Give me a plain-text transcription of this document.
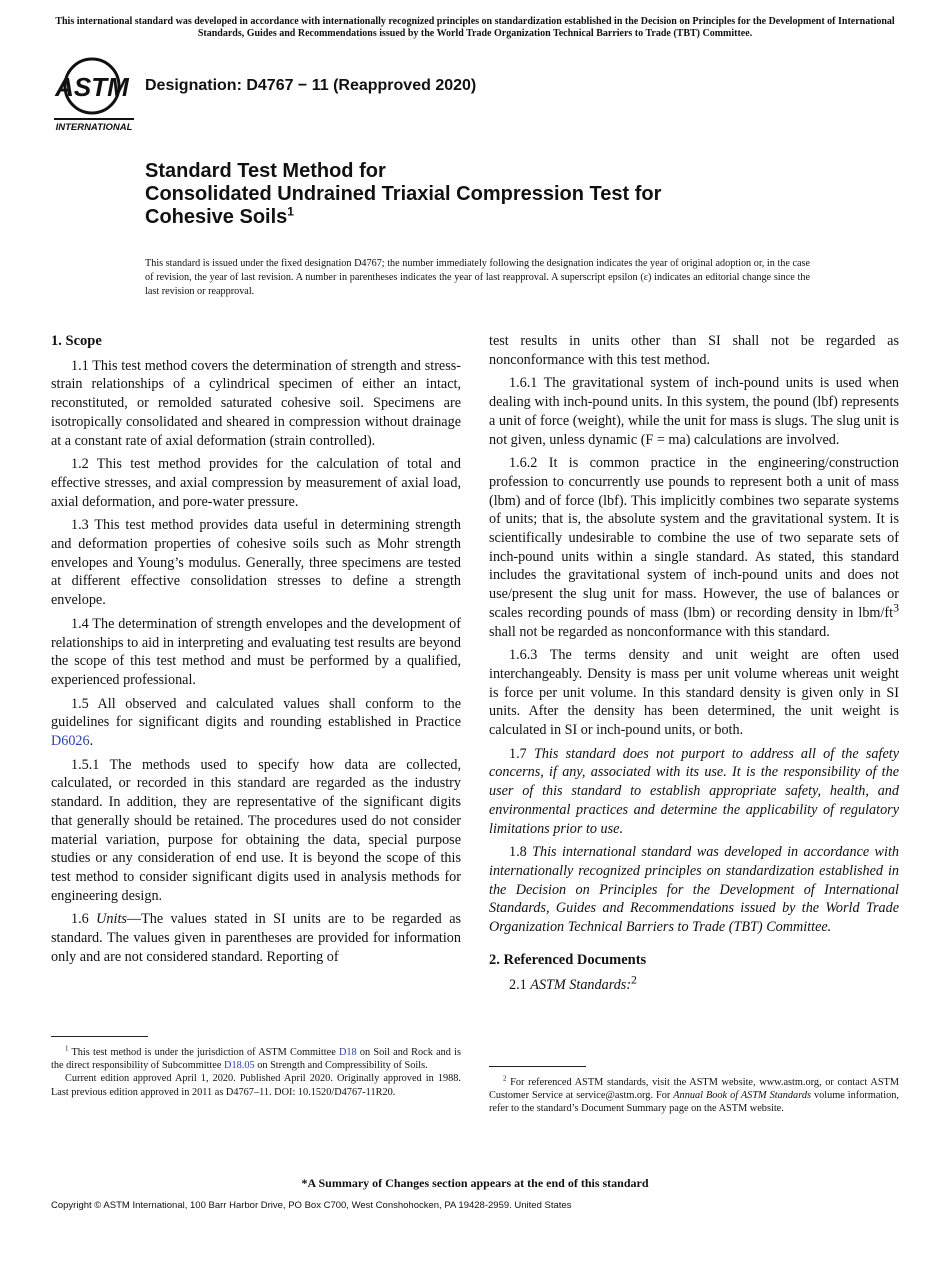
This international standard was developed in accordance with internationally recognized principles on standardization established in the Decision on Principles for the Development of International Standards, Guides and Recommendations issued by the World Trade Organization Technical Barriers to Trade (TBT) Committee.
ASTM
INTERNATIONAL
Designation: D4767 − 11 (Reapproved 2020)
Standard Test Method for
Consolidated Undrained Triaxial Compression Test for
Cohesive Soils$^1$
This standard is issued under the fixed designation D4767; the number immediately following the designation indicates the year of original adoption or, in the case of revision, the year of last revision. A number in parentheses indicates the year of last reapproval. A superscript epsilon (ε) indicates an editorial change since the last revision or reapproval.
1. Scope

1.1 This test method covers the determination of strength and stress-strain relationships of a cylindrical specimen of either an intact, reconstituted, or remolded saturated cohesive soil. Specimens are isotropically consolidated and sheared in compression without drainage at a constant rate of axial deformation (strain controlled).

1.2 This test method provides for the calculation of total and effective stresses, and axial compression by measurement of axial load, axial deformation, and pore-water pressure.

1.3 This test method provides data useful in determining strength and deformation properties of cohesive soils such as Mohr strength envelopes and Young’s modulus. Generally, three specimens are tested at different effective consolidation stresses to define a strength envelope.

1.4 The determination of strength envelopes and the development of relationships to aid in interpreting and evaluating test results are beyond the scope of this test method and must be performed by a qualified, experienced professional.

1.5 All observed and calculated values shall conform to the guidelines for significant digits and rounding established in Practice D6026.

1.5.1 The methods used to specify how data are collected, calculated, or recorded in this standard are regarded as the industry standard. In addition, they are representative of the significant digits that generally should be retained. The procedures used do not consider material variation, purpose for obtaining the data, special purpose studies or any consideration of end use. It is beyond the scope of this test method to consider significant digits used in analysis methods for engineering design.

1.6 Units—The values stated in SI units are to be regarded as standard. The values given in parentheses are provided for information only and are not considered standard. Reporting of

test results in units other than SI shall not be regarded as nonconformance with this test method.

1.6.1 The gravitational system of inch-pound units is used when dealing with inch-pound units. In this system, the pound (lbf) represents a unit of force (weight), while the unit for mass is slugs. The slug unit is not given, unless dynamic (F = ma) calculations are involved.

1.6.2 It is common practice in the engineering/construction profession to concurrently use pounds to represent both a unit of mass (lbm) and of force (lbf). This implicitly combines two separate systems of units; that is, the absolute system and the gravitational system. It is scientifically undesirable to combine the use of two separate sets of inch-pound units within a single standard. As stated, this standard includes the gravitational system of inch-pound units and does not use/present the slug unit for mass. However, the use of balances or scales recording pounds of mass (lbm) or recording density in lbm/$ft^3$ shall not be regarded as nonconformance with this standard.

1.6.3 The terms density and unit weight are often used interchangeably. Density is mass per unit volume whereas unit weight is force per unit volume. In this standard density is given only in SI units. After the density has been determined, the unit weight is calculated in SI or inch-pound units, or both.

1.7 This standard does not purport to address all of the safety concerns, if any, associated with its use. It is the responsibility of the user of this standard to establish appropriate safety, health, and environmental practices and determine the applicability of regulatory limitations prior to use.

1.8 This international standard was developed in accordance with internationally recognized principles on standardization established in the Decision on Principles for the Development of International Standards, Guides and Recommendations issued by the World Trade Organization Technical Barriers to Trade (TBT) Committee.

2. Referenced Documents

2.1 ASTM Standards:$^2$

$^1$ This test method is under the jurisdiction of ASTM Committee D18 on Soil and Rock and is the direct responsibility of Subcommittee D18.05 on Strength and Compressibility of Soils.

Current edition approved April 1, 2020. Published April 2020. Originally approved in 1988. Last previous edition approved in 2011 as D4767–11. DOI: 10.1520/D4767-11R20.

$^2$ For referenced ASTM standards, visit the ASTM website, www.astm.org, or contact ASTM Customer Service at service@astm.org. For Annual Book of ASTM Standards volume information, refer to the standard’s Document Summary page on the ASTM website.

*A Summary of Changes section appears at the end of this standard
Copyright © ASTM International, 100 Barr Harbor Drive, PO Box C700, West Conshohocken, PA 19428-2959. United States
